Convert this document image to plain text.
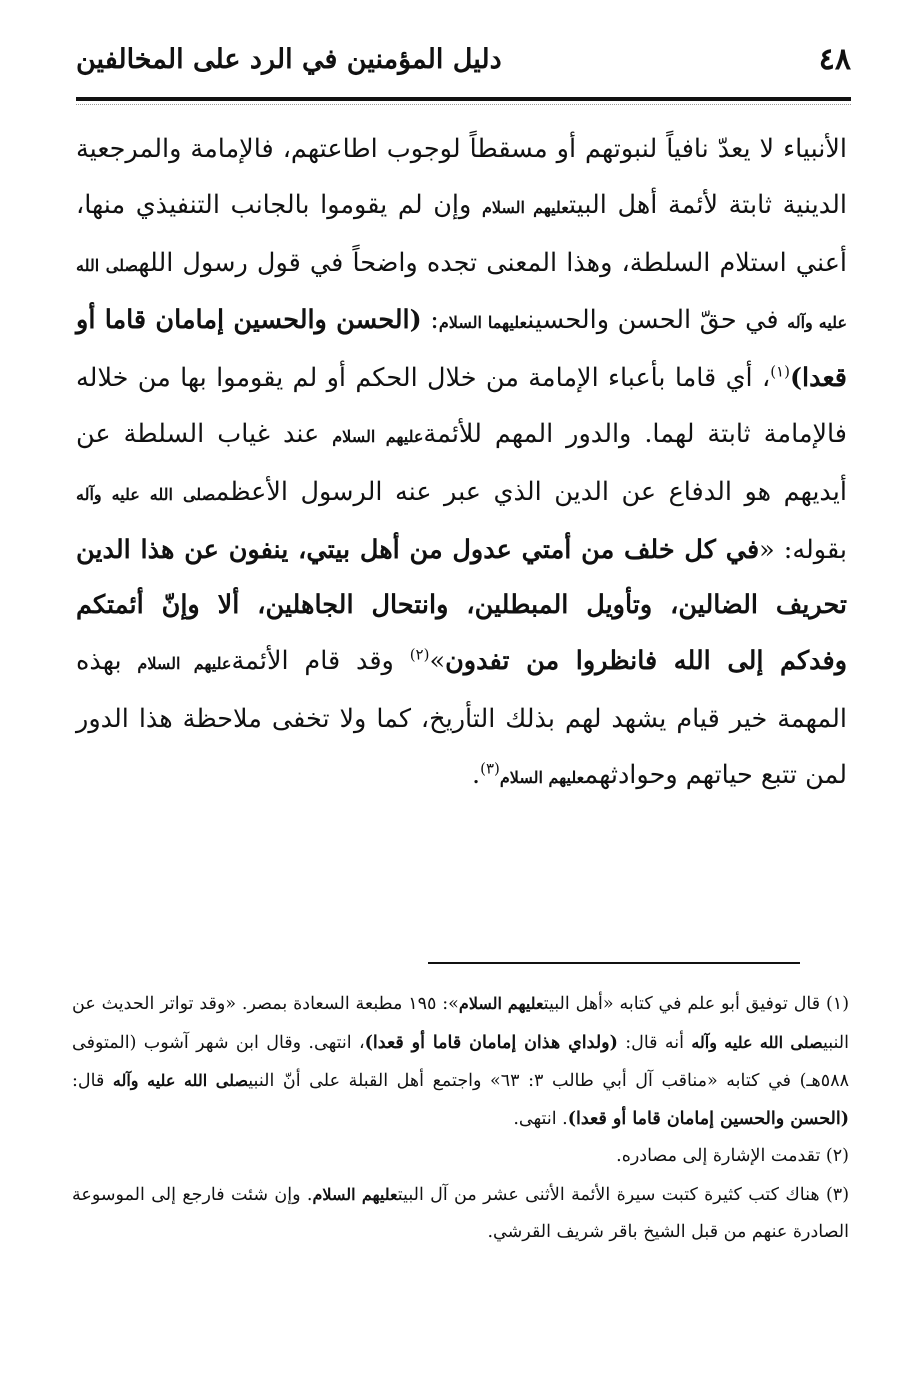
٤٨
دليل المؤمنين في الرد على المخالفين

الأنبياء لا يعدّ نافياً لنبوتهم أو مسقطاً لوجوب اطاعتهم، فالإمامة والمرجعية الدينية ثابتة لأئمة أهل البيتعليهم السلام وإن لم يقوموا بالجانب التنفيذي منها، أعني استلام السلطة، وهذا المعنى تجده واضحاً في قول رسول اللهصلى الله عليه وآله في حقّ الحسن والحسينعليهما السلام: (الحسن والحسين إمامان قاما أو قعدا)$^{(١)}$، أي قاما بأعباء الإمامة من خلال الحكم أو لم يقوموا بها من خلاله فالإمامة ثابتة لهما. والدور المهم للأئمةعليهم السلام عند غياب السلطة عن أيديهم هو الدفاع عن الدين الذي عبر عنه الرسول الأعظمصلى الله عليه وآله بقوله: «في كل خلف من أمتي عدول من أهل بيتي، ينفون عن هذا الدين تحريف الضالين، وتأويل المبطلين، وانتحال الجاهلين، ألا وإنّ أئمتكم وفدكم إلى الله فانظروا من تفدون»$^{(٢)}$ وقد قام الأئمةعليهم السلام بهذه المهمة خير قيام يشهد لهم بذلك التأريخ، كما ولا تخفى ملاحظة هذا الدور لمن تتبع حياتهم وحوادثهمعليهم السلام$^{(٣)}$.

(١) قال توفيق أبو علم في كتابه «أهل البيتعليهم السلام»: ١٩٥ مطبعة السعادة بمصر. «وقد تواتر الحديث عن النبيصلى الله عليه وآله أنه قال: (ولداي هذان إمامان قاما أو قعدا)، انتهى. وقال ابن شهر آشوب (المتوفى ٥٨٨هـ) في كتابه «مناقب آل أبي طالب ٣: ٦٣» واجتمع أهل القبلة على أنّ النبيصلى الله عليه وآله قال: (الحسن والحسين إمامان قاما أو قعدا). انتهى.

(٢) تقدمت الإشارة إلى مصادره.

(٣) هناك كتب كثيرة كتبت سيرة الأئمة الأثنى عشر من آل البيتعليهم السلام. وإن شئت فارجع إلى الموسوعة الصادرة عنهم من قبل الشيخ باقر شريف القرشي.
